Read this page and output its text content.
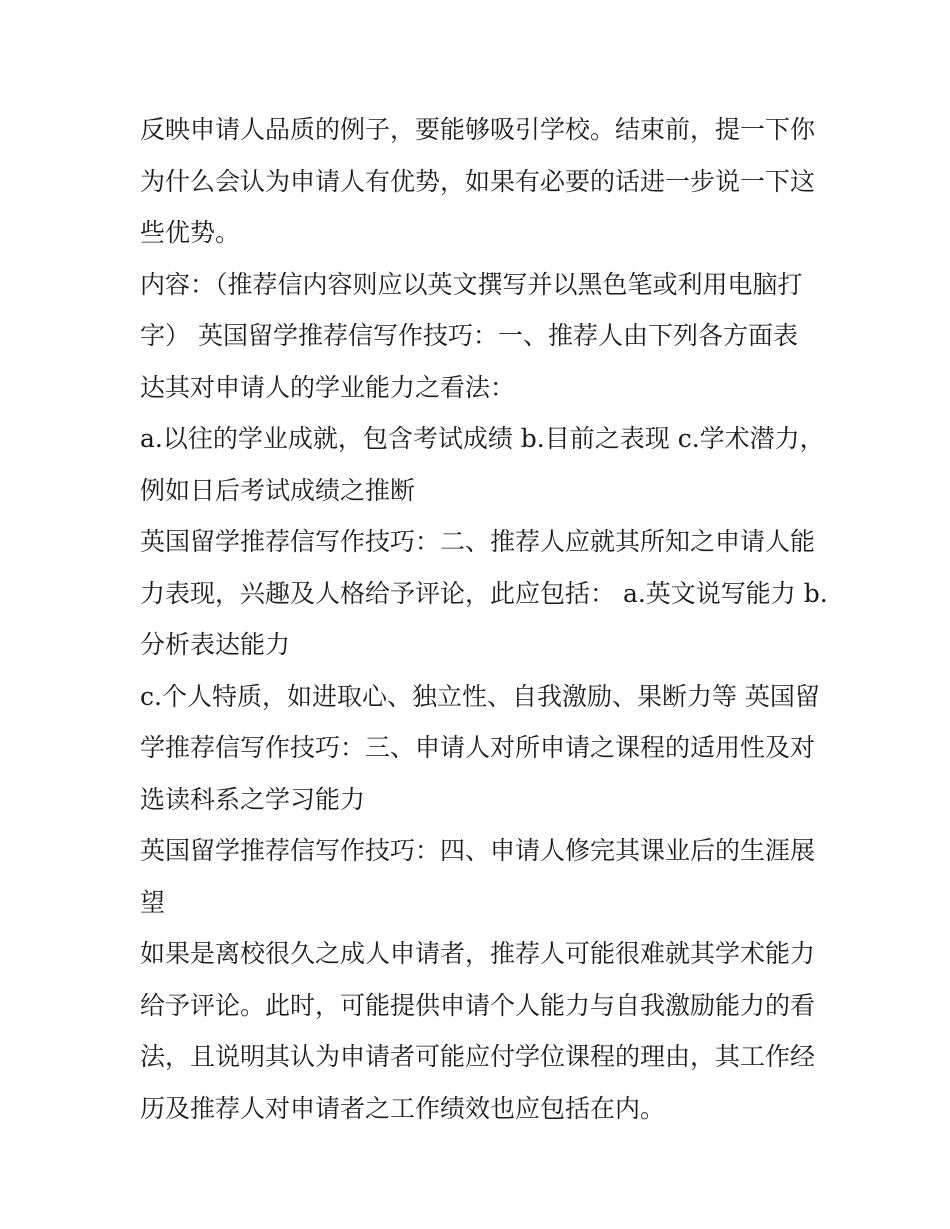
反映申请人品质的例子，要能够吸引学校。结束前，提一下你
为什么会认为申请人有优势，如果有必要的话进一步说一下这
些优势。
内容：（推荐信内容则应以英文撰写并以黑色笔或利用电脑打
字） 英国留学推荐信写作技巧：一、推荐人由下列各方面表
达其对申请人的学业能力之看法：
a.以往的学业成就，包含考试成绩 b.目前之表现 c.学术潜力，
例如日后考试成绩之推断
英国留学推荐信写作技巧：二、推荐人应就其所知之申请人能
力表现，兴趣及人格给予评论，此应包括： a.英文说写能力 b.
分析表达能力
c.个人特质，如进取心、独立性、自我激励、果断力等 英国留
学推荐信写作技巧：三、申请人对所申请之课程的适用性及对
选读科系之学习能力
英国留学推荐信写作技巧：四、申请人修完其课业后的生涯展
望
如果是离校很久之成人申请者，推荐人可能很难就其学术能力
给予评论。此时，可能提供申请个人能力与自我激励能力的看
法，且说明其认为申请者可能应付学位课程的理由，其工作经
历及推荐人对申请者之工作绩效也应包括在内。
